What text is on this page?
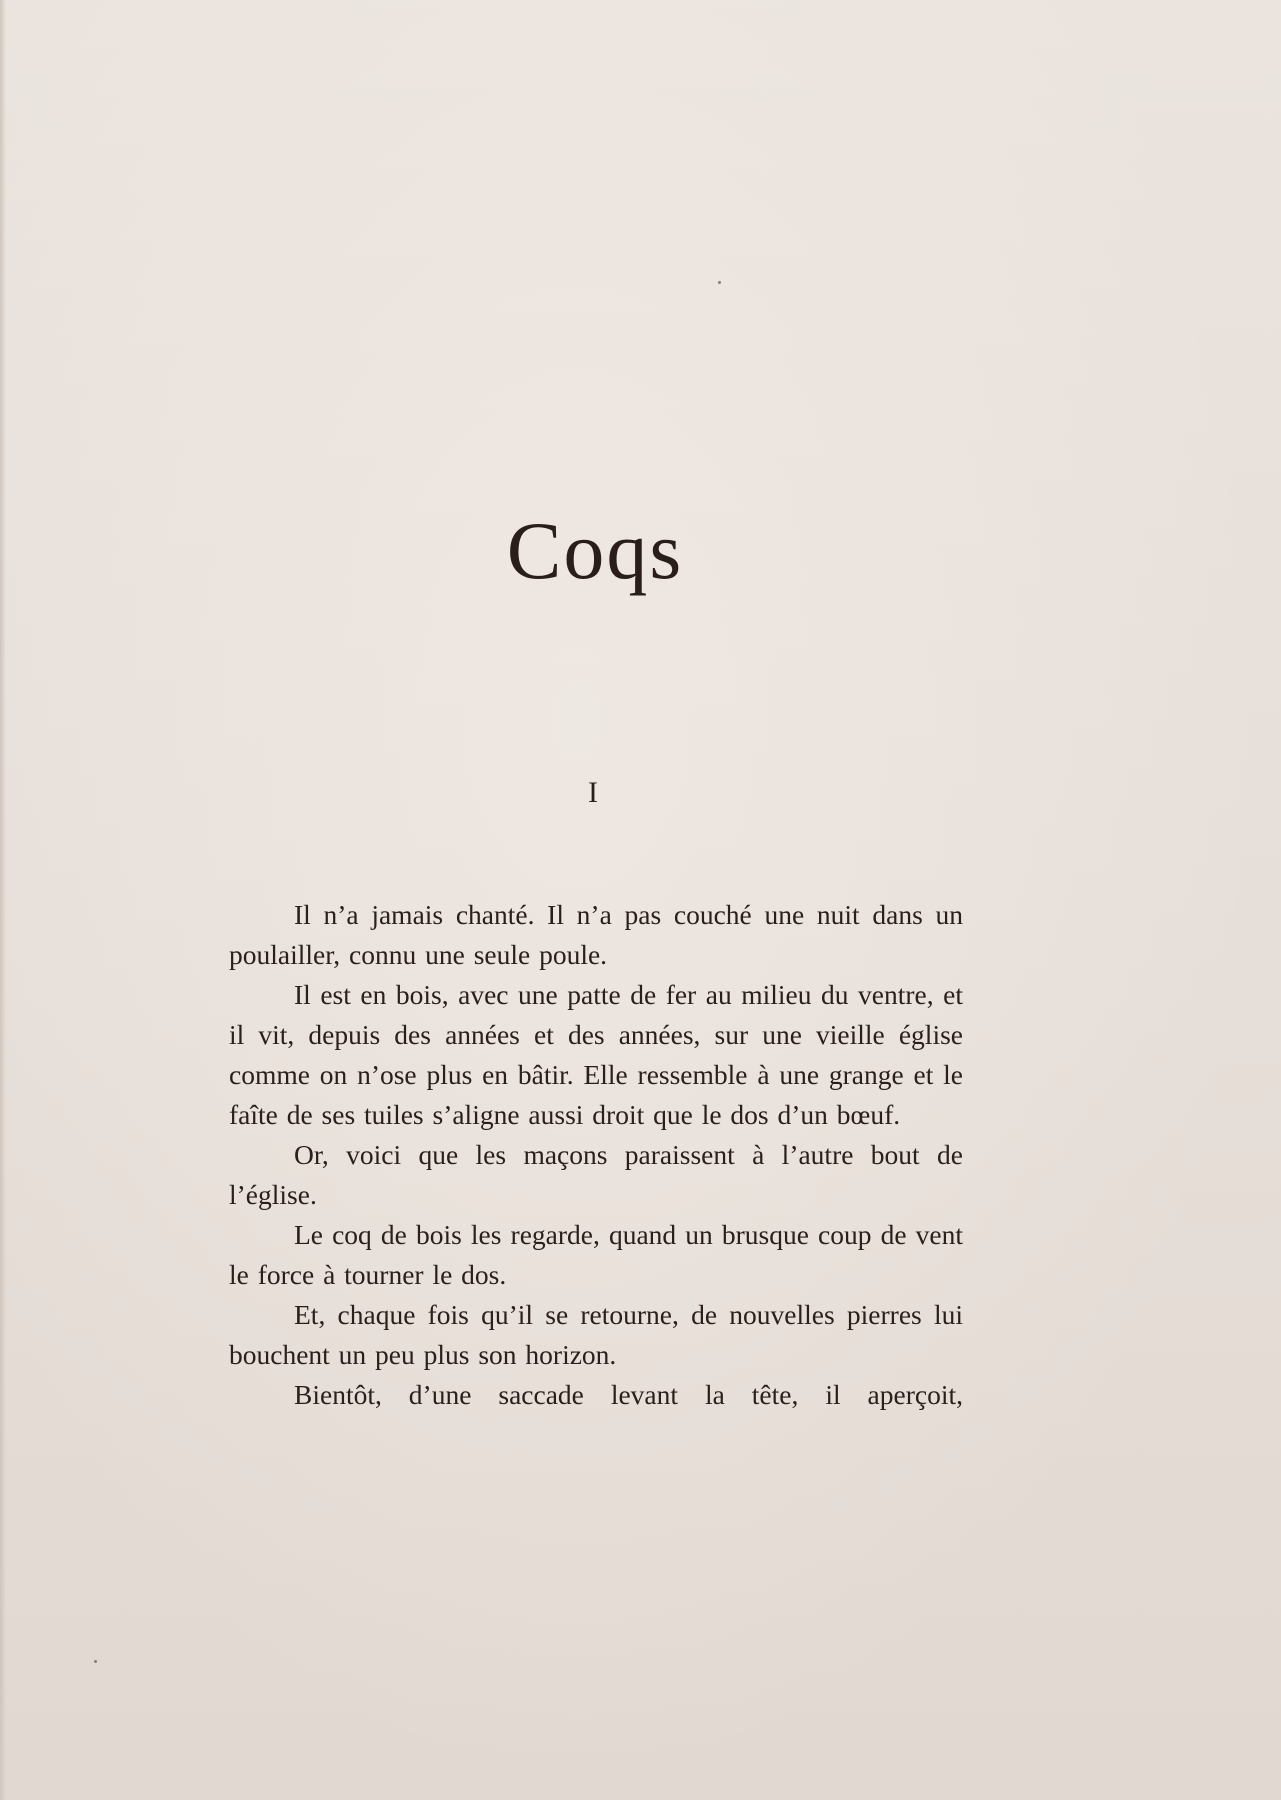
Coqs
I

Il n’a jamais chanté. Il n’a pas couché une nuit dans un poulailler, connu une seule poule.

Il est en bois, avec une patte de fer au milieu du ventre, et il vit, depuis des années et des années, sur une vieille église comme on n’ose plus en bâtir. Elle ressemble à une grange et le faîte de ses tuiles s’aligne aussi droit que le dos d’un bœuf.

Or, voici que les maçons paraissent à l’autre bout de l’église.

Le coq de bois les regarde, quand un brusque coup de vent le force à tourner le dos.

Et, chaque fois qu’il se retourne, de nouvelles pierres lui bouchent un peu plus son horizon.

Bientôt, d’une saccade levant la tête, il aperçoit,
